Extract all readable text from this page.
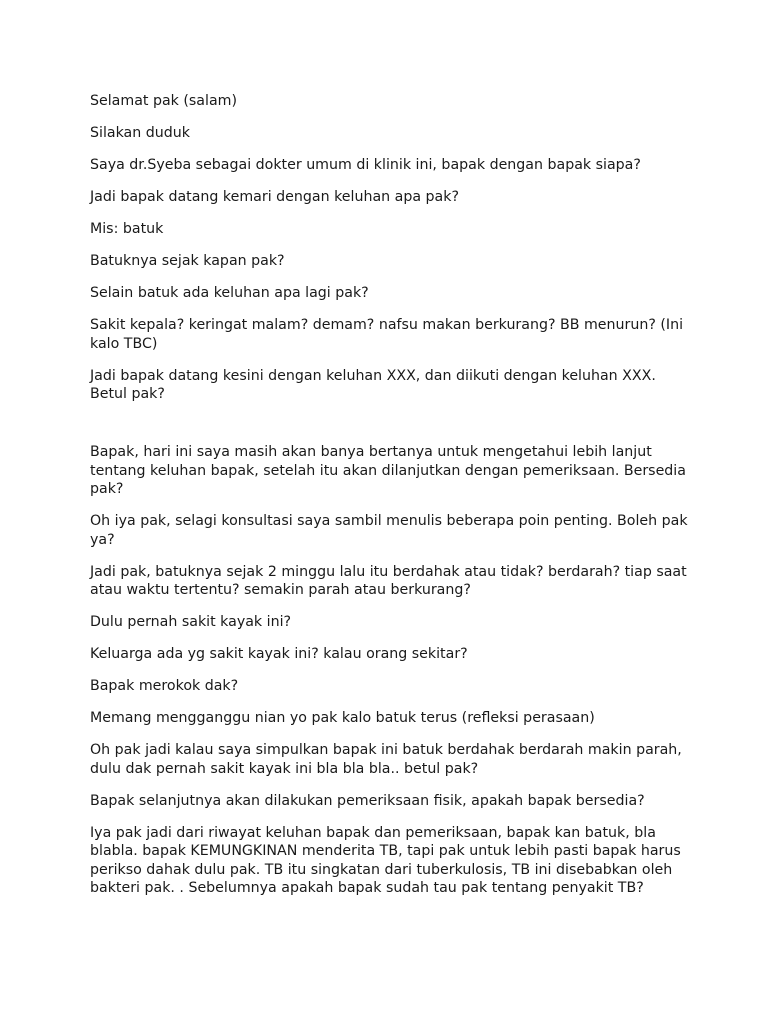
Selamat pak (salam)

Silakan duduk

Saya dr.Syeba sebagai dokter umum di klinik ini, bapak dengan bapak siapa?

Jadi bapak datang kemari dengan keluhan apa pak?

Mis: batuk

Batuknya sejak kapan pak?

Selain batuk ada keluhan apa lagi pak?

Sakit kepala? keringat malam? demam? nafsu makan berkurang? BB menurun? (Ini kalo TBC)

Jadi bapak datang kesini dengan keluhan XXX, dan diikuti dengan keluhan XXX. Betul pak?

Bapak, hari ini saya masih akan banya bertanya untuk mengetahui lebih lanjut tentang keluhan bapak, setelah itu akan dilanjutkan dengan pemeriksaan. Bersedia pak?

Oh iya pak, selagi konsultasi saya sambil menulis beberapa poin penting. Boleh pak ya?

Jadi pak, batuknya sejak 2 minggu lalu itu berdahak atau tidak? berdarah? tiap saat atau waktu tertentu? semakin parah atau berkurang?

Dulu pernah sakit kayak ini?

Keluarga ada yg sakit kayak ini? kalau orang sekitar?

Bapak merokok dak?

Memang mengganggu nian yo pak kalo batuk terus (refleksi perasaan)

Oh pak jadi kalau saya simpulkan bapak ini batuk berdahak berdarah makin parah, dulu dak pernah sakit kayak ini bla bla bla.. betul pak?

Bapak selanjutnya akan dilakukan pemeriksaan fisik, apakah bapak bersedia?

Iya pak jadi dari riwayat keluhan bapak dan pemeriksaan, bapak kan batuk, bla blabla. bapak KEMUNGKINAN menderita TB, tapi pak untuk lebih pasti bapak harus perikso dahak dulu pak. TB itu singkatan dari tuberkulosis, TB ini disebabkan oleh bakteri pak. . Sebelumnya apakah bapak sudah tau pak tentang penyakit TB?
